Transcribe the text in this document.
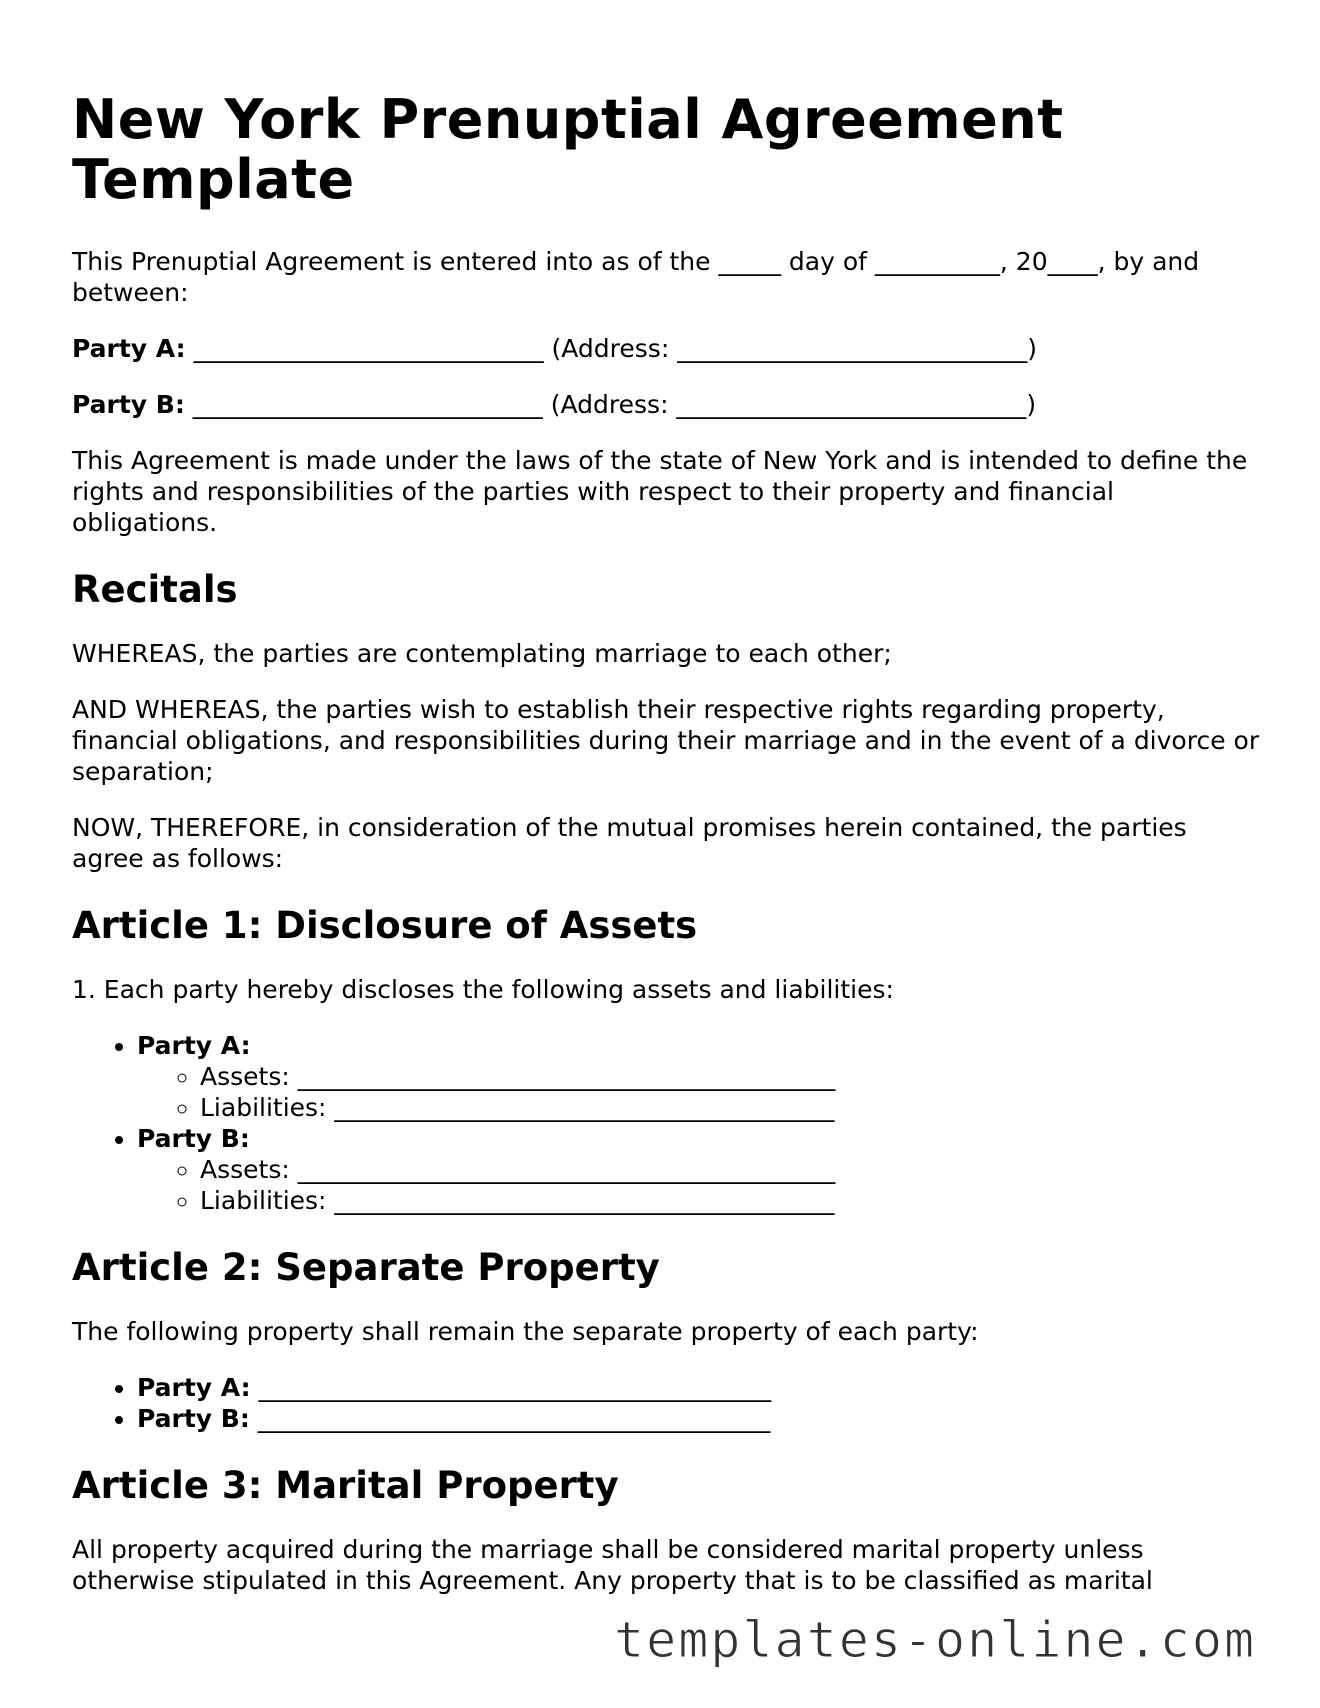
New York Prenuptial Agreement Template

This Prenuptial Agreement is entered into as of the _____ day of __________, 20____, by and between:

Party A: ____________________________ (Address: ____________________________)

Party B: ____________________________ (Address: ____________________________)

This Agreement is made under the laws of the state of New York and is intended to define the rights and responsibilities of the parties with respect to their property and financial obligations.

Recitals

WHEREAS, the parties are contemplating marriage to each other;

AND WHEREAS, the parties wish to establish their respective rights regarding property, financial obligations, and responsibilities during their marriage and in the event of a divorce or separation;

NOW, THEREFORE, in consideration of the mutual promises herein contained, the parties agree as follows:

Article 1: Disclosure of Assets

1. Each party hereby discloses the following assets and liabilities:

• Party A:
◦ Assets: ___________________________________________
◦ Liabilities: ________________________________________
• Party B:
◦ Assets: ___________________________________________
◦ Liabilities: ________________________________________
Article 2: Separate Property

The following property shall remain the separate property of each party:

• Party A: _________________________________________
• Party B: _________________________________________
Article 3: Marital Property

All property acquired during the marriage shall be considered marital property unless otherwise stipulated in this Agreement. Any property that is to be classified as marital

templates-online.com
